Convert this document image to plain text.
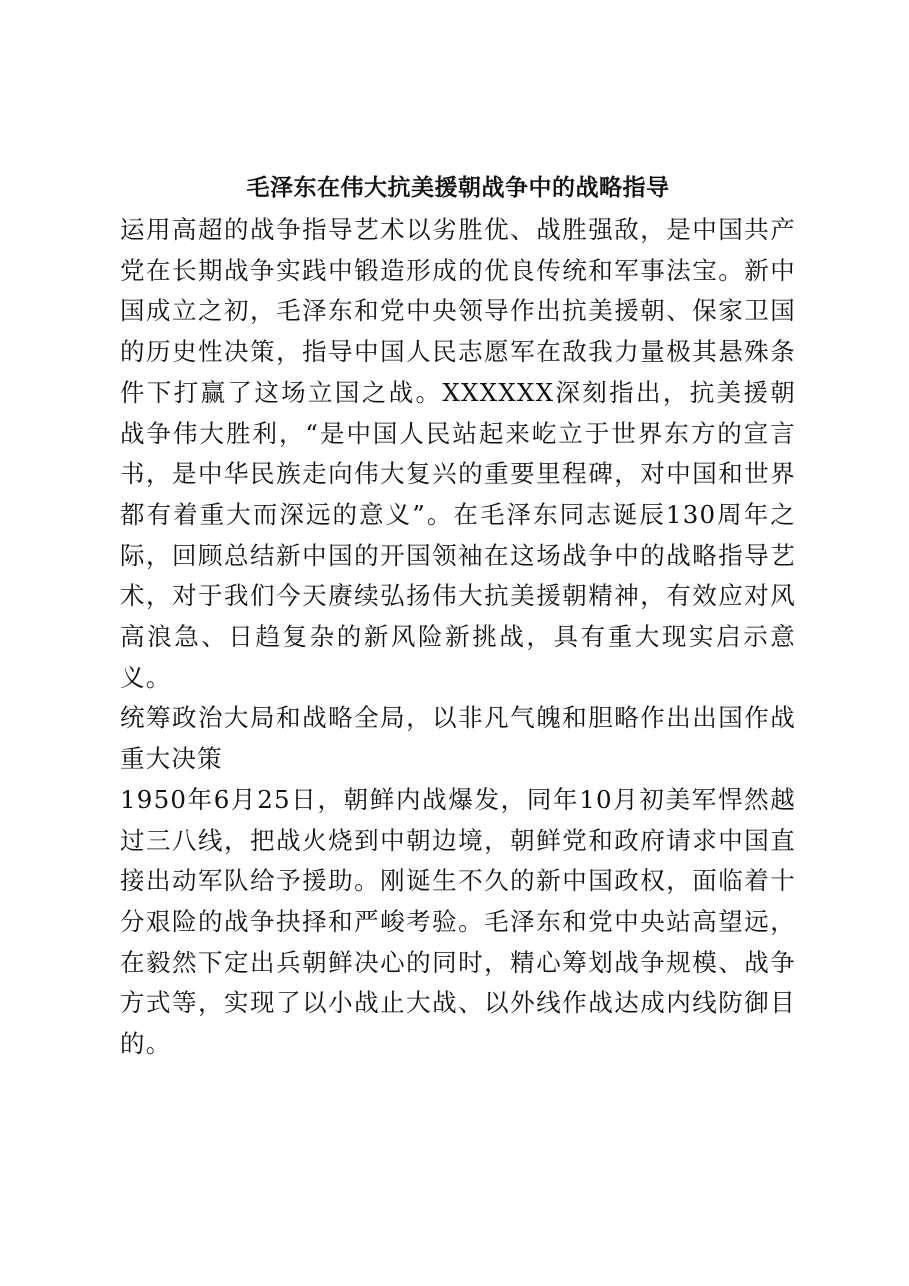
毛泽东在伟大抗美援朝战争中的战略指导

运用高超的战争指导艺术以劣胜优、战胜强敌，是中国共产党在长期战争实践中锻造形成的优良传统和军事法宝。新中国成立之初，毛泽东和党中央领导作出抗美援朝、保家卫国的历史性决策，指导中国人民志愿军在敌我力量极其悬殊条件下打赢了这场立国之战。XXXXXX深刻指出，抗美援朝战争伟大胜利，“是中国人民站起来屹立于世界东方的宣言书，是中华民族走向伟大复兴的重要里程碑，对中国和世界都有着重大而深远的意义”。在毛泽东同志诞辰130周年之际，回顾总结新中国的开国领袖在这场战争中的战略指导艺术，对于我们今天赓续弘扬伟大抗美援朝精神，有效应对风高浪急、日趋复杂的新风险新挑战，具有重大现实启示意义。

统筹政治大局和战略全局，以非凡气魄和胆略作出出国作战重大决策

1950年6月25日，朝鲜内战爆发，同年10月初美军悍然越过三八线，把战火烧到中朝边境，朝鲜党和政府请求中国直接出动军队给予援助。刚诞生不久的新中国政权，面临着十分艰险的战争抉择和严峻考验。毛泽东和党中央站高望远，在毅然下定出兵朝鲜决心的同时，精心筹划战争规模、战争方式等，实现了以小战止大战、以外线作战达成内线防御目的。
